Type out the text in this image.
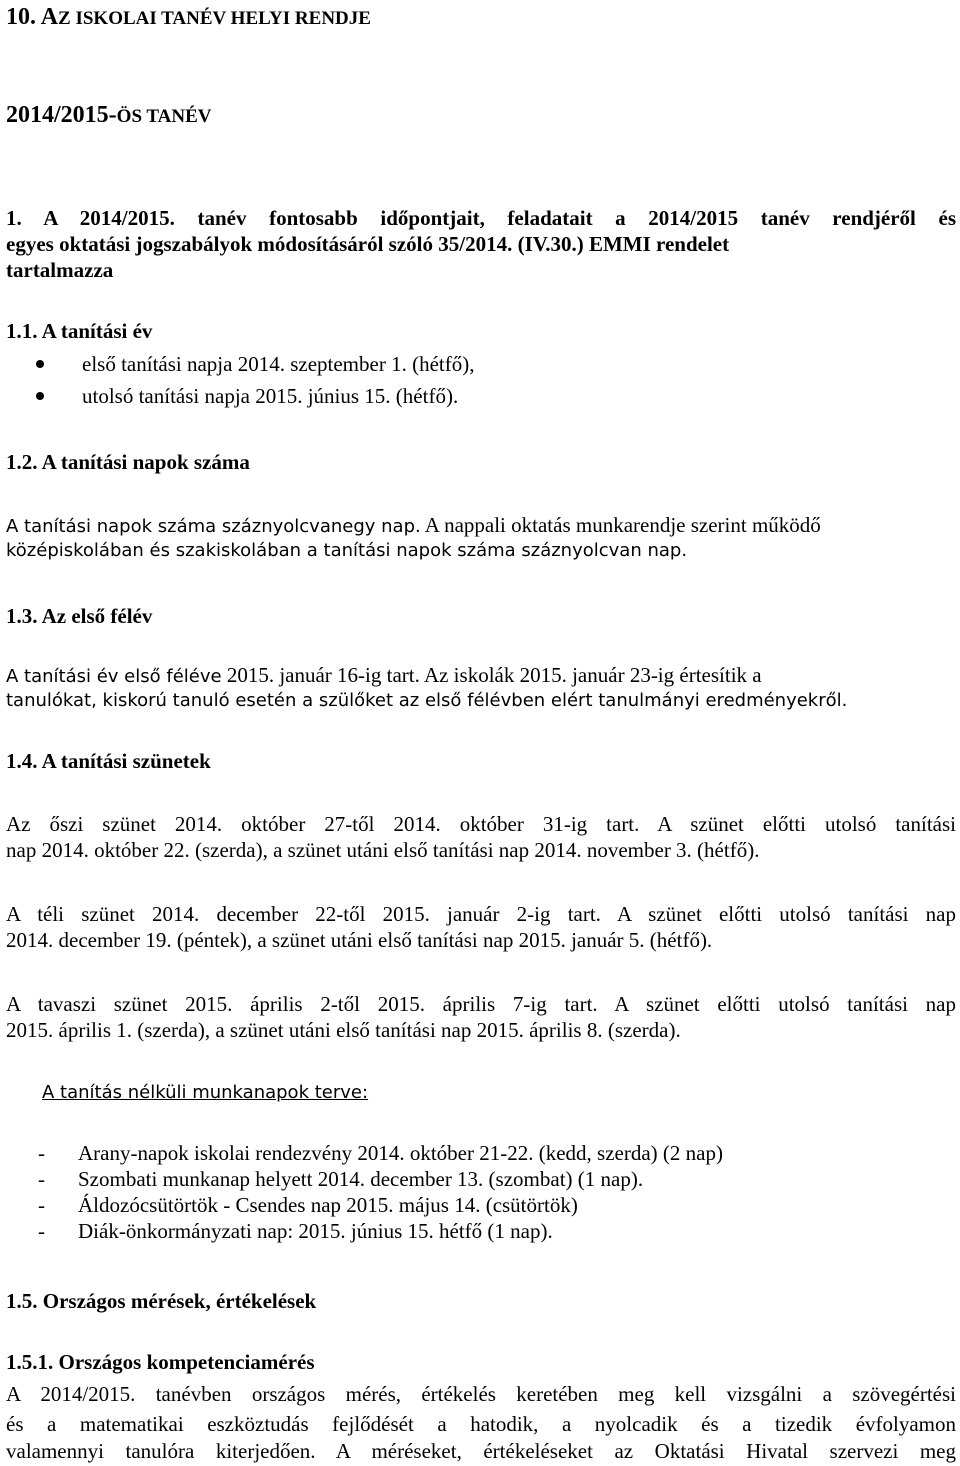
10. AZ ISKOLAI TANÉV HELYI RENDJE
2014/2015-ÖS TANÉV
1. A 2014/2015. tanév fontosabb időpontjait, feladatait a 2014/2015 tanév rendjéről és
egyes oktatási jogszabályok módosításáról szóló 35/2014. (IV.30.) EMMI rendelet
tartalmazza
1.1. A tanítási év
első tanítási napja 2014. szeptember 1. (hétfő),
utolsó tanítási napja 2015. június 15. (hétfő).
1.2. A tanítási napok száma
A tanítási napok száma száznyolcvanegy nap. A nappali oktatás munkarendje szerint működő
középiskolában és szakiskolában a tanítási napok száma száznyolcvan nap.
1.3. Az első félév
A tanítási év első féléve 2015. január 16-ig tart. Az iskolák 2015. január 23-ig értesítik a
tanulókat, kiskorú tanuló esetén a szülőket az első félévben elért tanulmányi eredményekről.
1.4. A tanítási szünetek
Az őszi szünet 2014. október 27-től 2014. október 31-ig tart. A szünet előtti utolsó tanítási
nap 2014. október 22. (szerda), a szünet utáni első tanítási nap 2014. november 3. (hétfő).
A téli szünet 2014. december 22-től 2015. január 2-ig tart. A szünet előtti utolsó tanítási nap
2014. december 19. (péntek), a szünet utáni első tanítási nap 2015. január 5. (hétfő).
A tavaszi szünet 2015. április 2-től 2015. április 7-ig tart. A szünet előtti utolsó tanítási nap
2015. április 1. (szerda), a szünet utáni első tanítási nap 2015. április 8. (szerda).
A tanítás nélküli munkanapok terve:
- Arany-napok iskolai rendezvény 2014. október 21-22. (kedd, szerda) (2 nap)
- Szombati munkanap helyett 2014. december 13. (szombat) (1 nap).
- Áldozócsütörtök - Csendes nap 2015. május 14. (csütörtök)
- Diák-önkormányzati nap: 2015. június 15. hétfő (1 nap).
1.5. Országos mérések, értékelések
1.5.1. Országos kompetenciamérés
A 2014/2015. tanévben országos mérés, értékelés keretében meg kell vizsgálni a szövegértési
és a matematikai eszköztudás fejlődését a hatodik, a nyolcadik és a tizedik évfolyamon
valamennyi tanulóra kiterjedően. A méréseket, értékeléseket az Oktatási Hivatal szervezi meg
